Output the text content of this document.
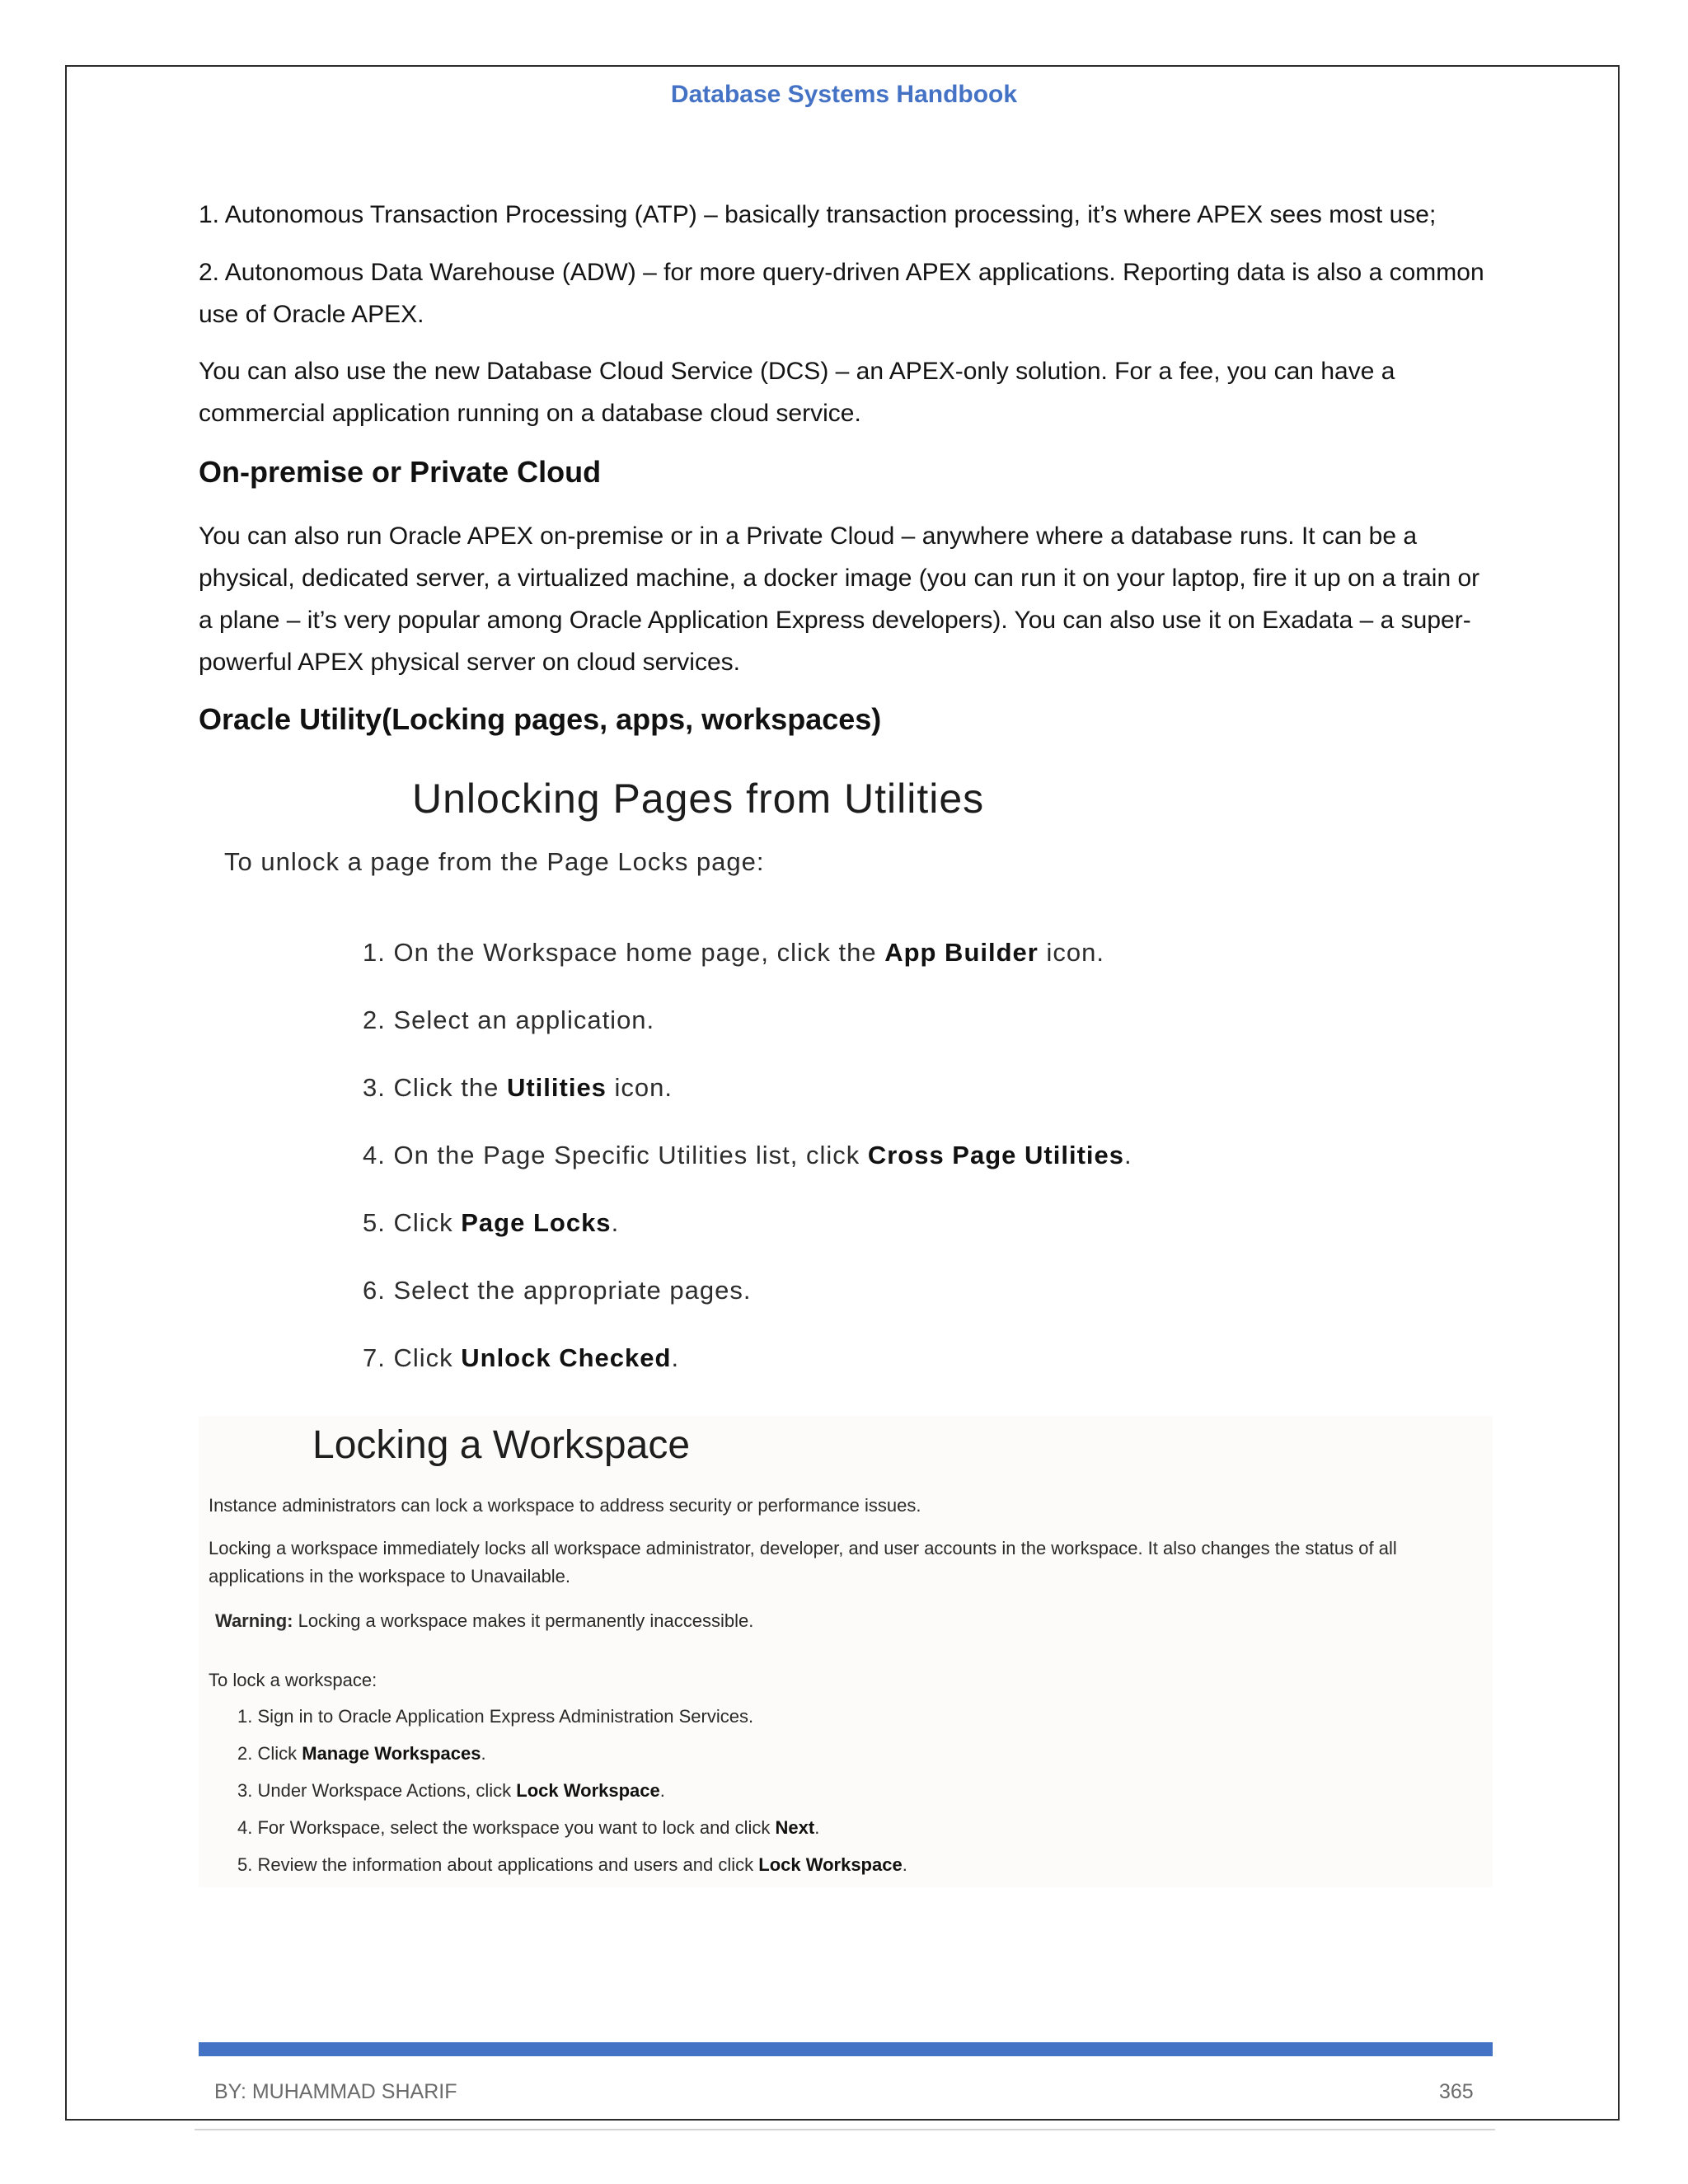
Database Systems Handbook

1. Autonomous Transaction Processing (ATP) – basically transaction processing, it’s where APEX sees most use;

2. Autonomous Data Warehouse (ADW) – for more query-driven APEX applications. Reporting data is also a common use of Oracle APEX.

You can also use the new Database Cloud Service (DCS) – an APEX-only solution. For a fee, you can have a commercial application running on a database cloud service.

On-premise or Private Cloud

You can also run Oracle APEX on-premise or in a Private Cloud – anywhere where a database runs. It can be a physical, dedicated server, a virtualized machine, a docker image (you can run it on your laptop, fire it up on a train or a plane – it’s very popular among Oracle Application Express developers). You can also use it on Exadata – a super-powerful APEX physical server on cloud services.

Oracle Utility(Locking pages, apps, workspaces)
Unlocking Pages from Utilities
To unlock a page from the Page Locks page:
1. On the Workspace home page, click the App Builder icon.
2. Select an application.
3. Click the Utilities icon.
4. On the Page Specific Utilities list, click Cross Page Utilities.
5. Click Page Locks.
6. Select the appropriate pages.
7. Click Unlock Checked.
Locking a Workspace

Instance administrators can lock a workspace to address security or performance issues.

Locking a workspace immediately locks all workspace administrator, developer, and user accounts in the workspace. It also changes the status of all applications in the workspace to Unavailable.

Warning: Locking a workspace makes it permanently inaccessible.

To lock a workspace:

1. Sign in to Oracle Application Express Administration Services.
2. Click Manage Workspaces.
3. Under Workspace Actions, click Lock Workspace.
4. For Workspace, select the workspace you want to lock and click Next.
5. Review the information about applications and users and click Lock Workspace.
BY: MUHAMMAD SHARIF	365
